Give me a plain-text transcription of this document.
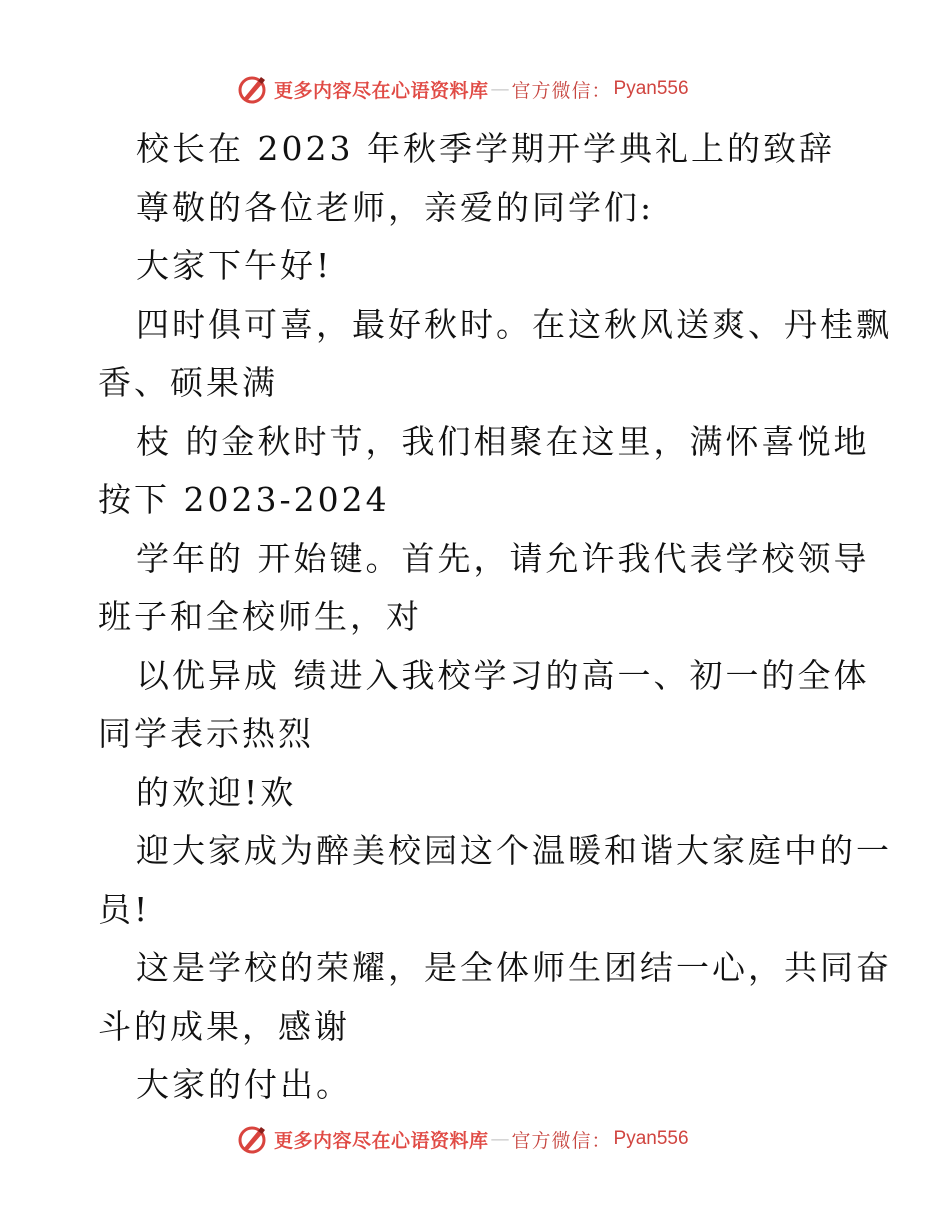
更多内容尽在心语资料库 — 官方微信： Pyan556
校长在 2023 年秋季学期开学典礼上的致辞
尊敬的各位老师，亲爱的同学们:
大家下午好!
四时俱可喜，最好秋时。在这秋风送爽、丹桂飘
香、硕果满
枝 的金秋时节，我们相聚在这里，满怀喜悦地
按下 2023-2024
学年的 开始键。首先，请允许我代表学校领导
班子和全校师生，对
以优异成 绩进入我校学习的高一、初一的全体
同学表示热烈
的欢迎!欢
迎大家成为醉美校园这个温暖和谐大家庭中的一
员!
这是学校的荣耀，是全体师生团结一心，共同奋
斗的成果，感谢
大家的付出。
更多内容尽在心语资料库 — 官方微信： Pyan556
